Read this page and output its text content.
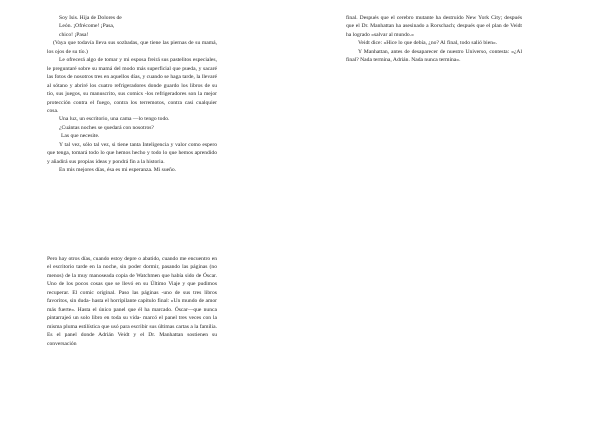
Soy Isis. Hija de Dolores de

León. ¡Ofrécome! ¡Pasa,

chico! ¡Pasa!

(Vaya que todavía lleva sus sozbadas, que tiene las piernas de su mamá, los ojos de su tío.)

Le ofrecerá algo de tomar y mi esposa freirá sus pastelitos especiales, le preguntaré sobre su mamá del modo más superficial que pueda, y sacaré las fotos de nosotros tres en aquellos días, y cuando se haga tarde, la llevaré al sótano y abriré los cuatro refrigeradores donde guardo los libros de su tío, sus juegos, su manuscrito, sus comics -los refrigeradores son la mejor protección contra el fuego, contra los terremotos, contra casi cualquier cosa.

Una luz, un escritorio, una cama —lo tengo todo.

¿Cuántas noches se quedará con nosotros?

Las que necesite.

Y tal vez, sólo tal vez, si tiene tanta Inteligencia y valor como espero que tenga, tomará todo lo que hemos hecho y todo lo que hemos aprendido y añadirá sus propias ideas y pondrá fin a la historia.

En mis mejores días, ésa es mi esperanza. Mi sueño.

final. Después que el cerebro mutante ha destruido New York City; después que el Dr. Manhattan ha asesinado a Rorschach; después que el plan de Veidt ha logrado «salvar al mundo.»

Veidt dice: «Hice lo que debía, ¿no? Al final, todo salió bien».

Y Manhattan, antes de desaparecer de nuestro Universo, contesta: «¿Al final? Nada termina, Adrián. Nada nunca termina».

Pero hay otros días, cuando estoy depre o abatido, cuando me encuentro en el escritorio tarde en la noche, sin poder dormir, pasando las páginas (no menos) de la muy manoseada copia de Watchmen que había sido de Óscar. Uno de los pocos cosas que se llevó en su Último Viaje y que pudimos recuperar. El comic original. Paso las páginas -uno de sus tres libros favoritos, sin duda- hasta el horripilante capítulo final: «Un mundo de amor más fuerte». Hasta el único panel que él ha marcado. Óscar—que nunca pintarrajeó un solo libro en toda su vida- marcó el panel tres veces con la misma pluma estilística que usó para escribir sus últimas cartas a la familia. Es el panel donde Adrián Veidt y el Dr. Manhattan sostienen su conversación
